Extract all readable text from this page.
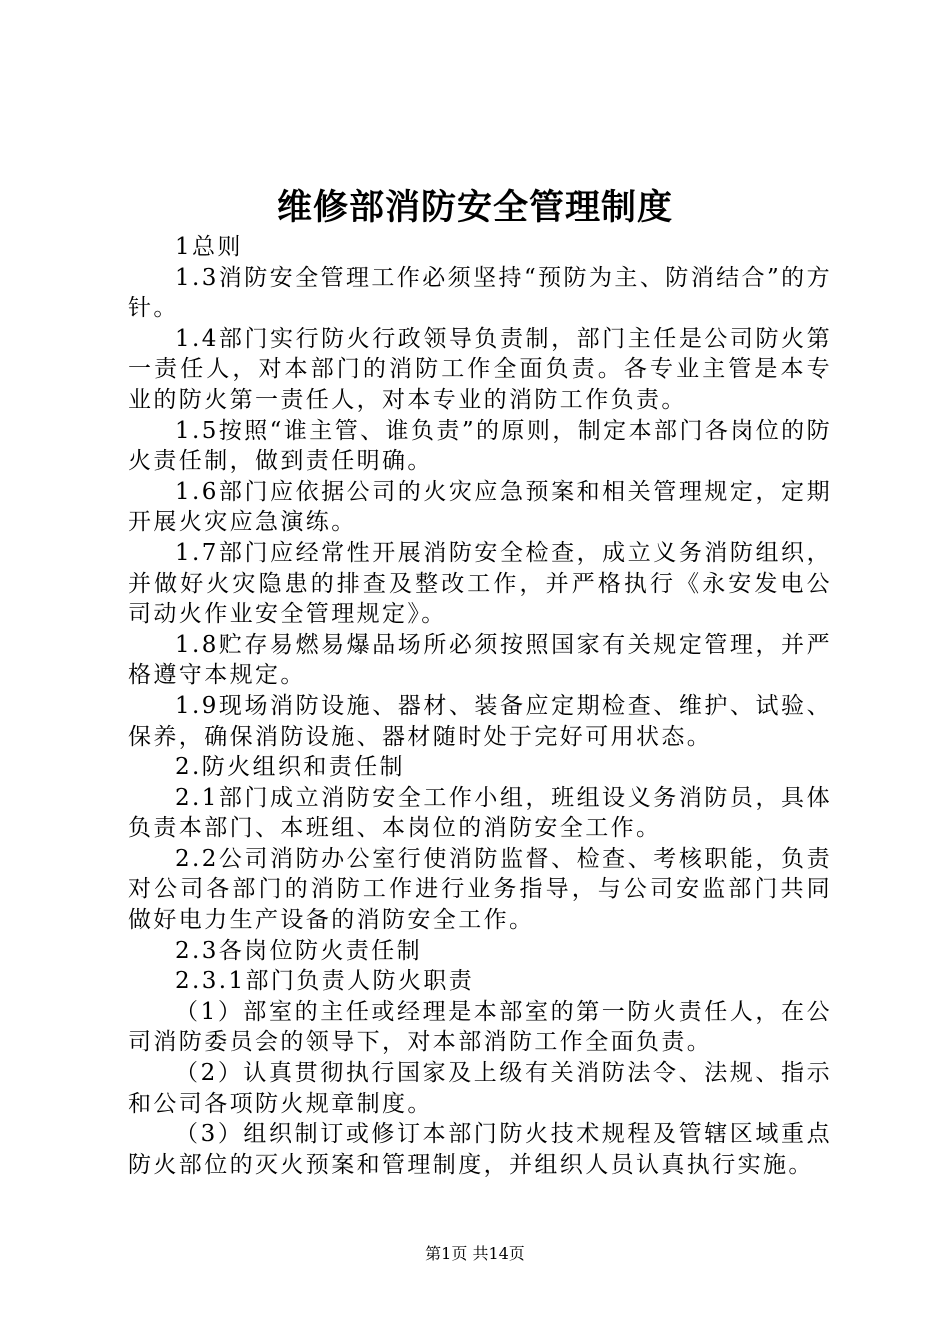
维修部消防安全管理制度

1总则

1.3消防安全管理工作必须坚持“预防为主、防消结合”的方针。

1.4部门实行防火行政领导负责制，部门主任是公司防火第一责任人，对本部门的消防工作全面负责。各专业主管是本专业的防火第一责任人，对本专业的消防工作负责。

1.5按照“谁主管、谁负责”的原则，制定本部门各岗位的防火责任制，做到责任明确。

1.6部门应依据公司的火灾应急预案和相关管理规定，定期开展火灾应急演练。

1.7部门应经常性开展消防安全检查，成立义务消防组织，并做好火灾隐患的排查及整改工作，并严格执行《永安发电公司动火作业安全管理规定》。

1.8贮存易燃易爆品场所必须按照国家有关规定管理，并严格遵守本规定。

1.9现场消防设施、器材、装备应定期检查、维护、试验、保养，确保消防设施、器材随时处于完好可用状态。

2.防火组织和责任制

2.1部门成立消防安全工作小组，班组设义务消防员，具体负责本部门、本班组、本岗位的消防安全工作。

2.2公司消防办公室行使消防监督、检查、考核职能，负责对公司各部门的消防工作进行业务指导，与公司安监部门共同做好电力生产设备的消防安全工作。

2.3各岗位防火责任制

2.3.1部门负责人防火职责

（1）部室的主任或经理是本部室的第一防火责任人，在公司消防委员会的领导下，对本部消防工作全面负责。

（2）认真贯彻执行国家及上级有关消防法令、法规、指示和公司各项防火规章制度。

（3）组织制订或修订本部门防火技术规程及管辖区域重点防火部位的灭火预案和管理制度，并组织人员认真执行实施。

第1页 共14页
